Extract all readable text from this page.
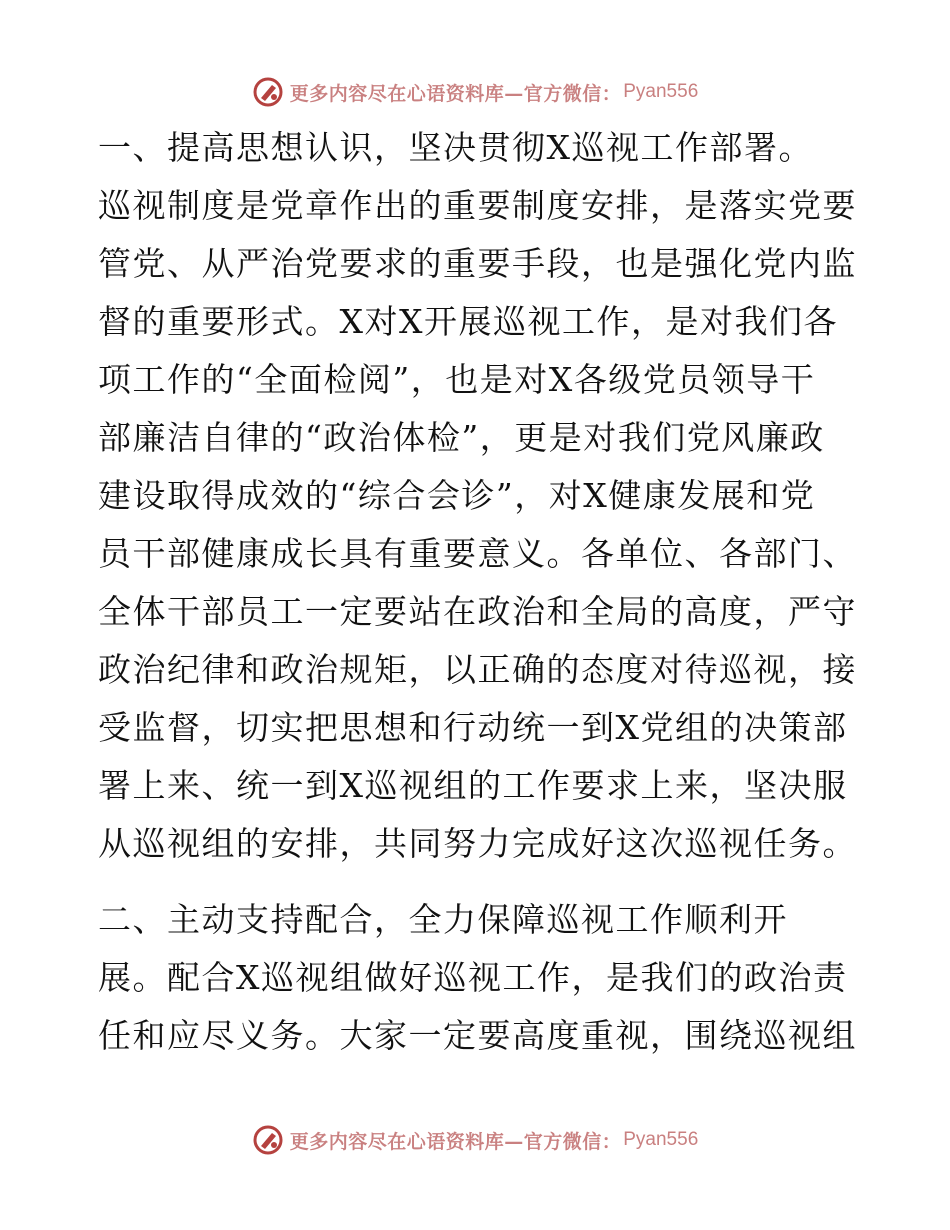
更多内容尽在心语资料库—官方微信： Pyan556
一、提高思想认识，坚决贯彻X巡视工作部署。
巡视制度是党章作出的重要制度安排，是落实党要
管党、从严治党要求的重要手段，也是强化党内监
督的重要形式。X对X开展巡视工作，是对我们各
项工作的“全面检阅”，也是对X各级党员领导干
部廉洁自律的“政治体检”，更是对我们党风廉政
建设取得成效的“综合会诊”，对X健康发展和党
员干部健康成长具有重要意义。各单位、各部门、
全体干部员工一定要站在政治和全局的高度，严守
政治纪律和政治规矩，以正确的态度对待巡视，接
受监督，切实把思想和行动统一到X党组的决策部
署上来、统一到X巡视组的工作要求上来，坚决服
从巡视组的安排，共同努力完成好这次巡视任务。
二、主动支持配合，全力保障巡视工作顺利开
展。配合X巡视组做好巡视工作，是我们的政治责
任和应尽义务。大家一定要高度重视，围绕巡视组
更多内容尽在心语资料库—官方微信： Pyan556
